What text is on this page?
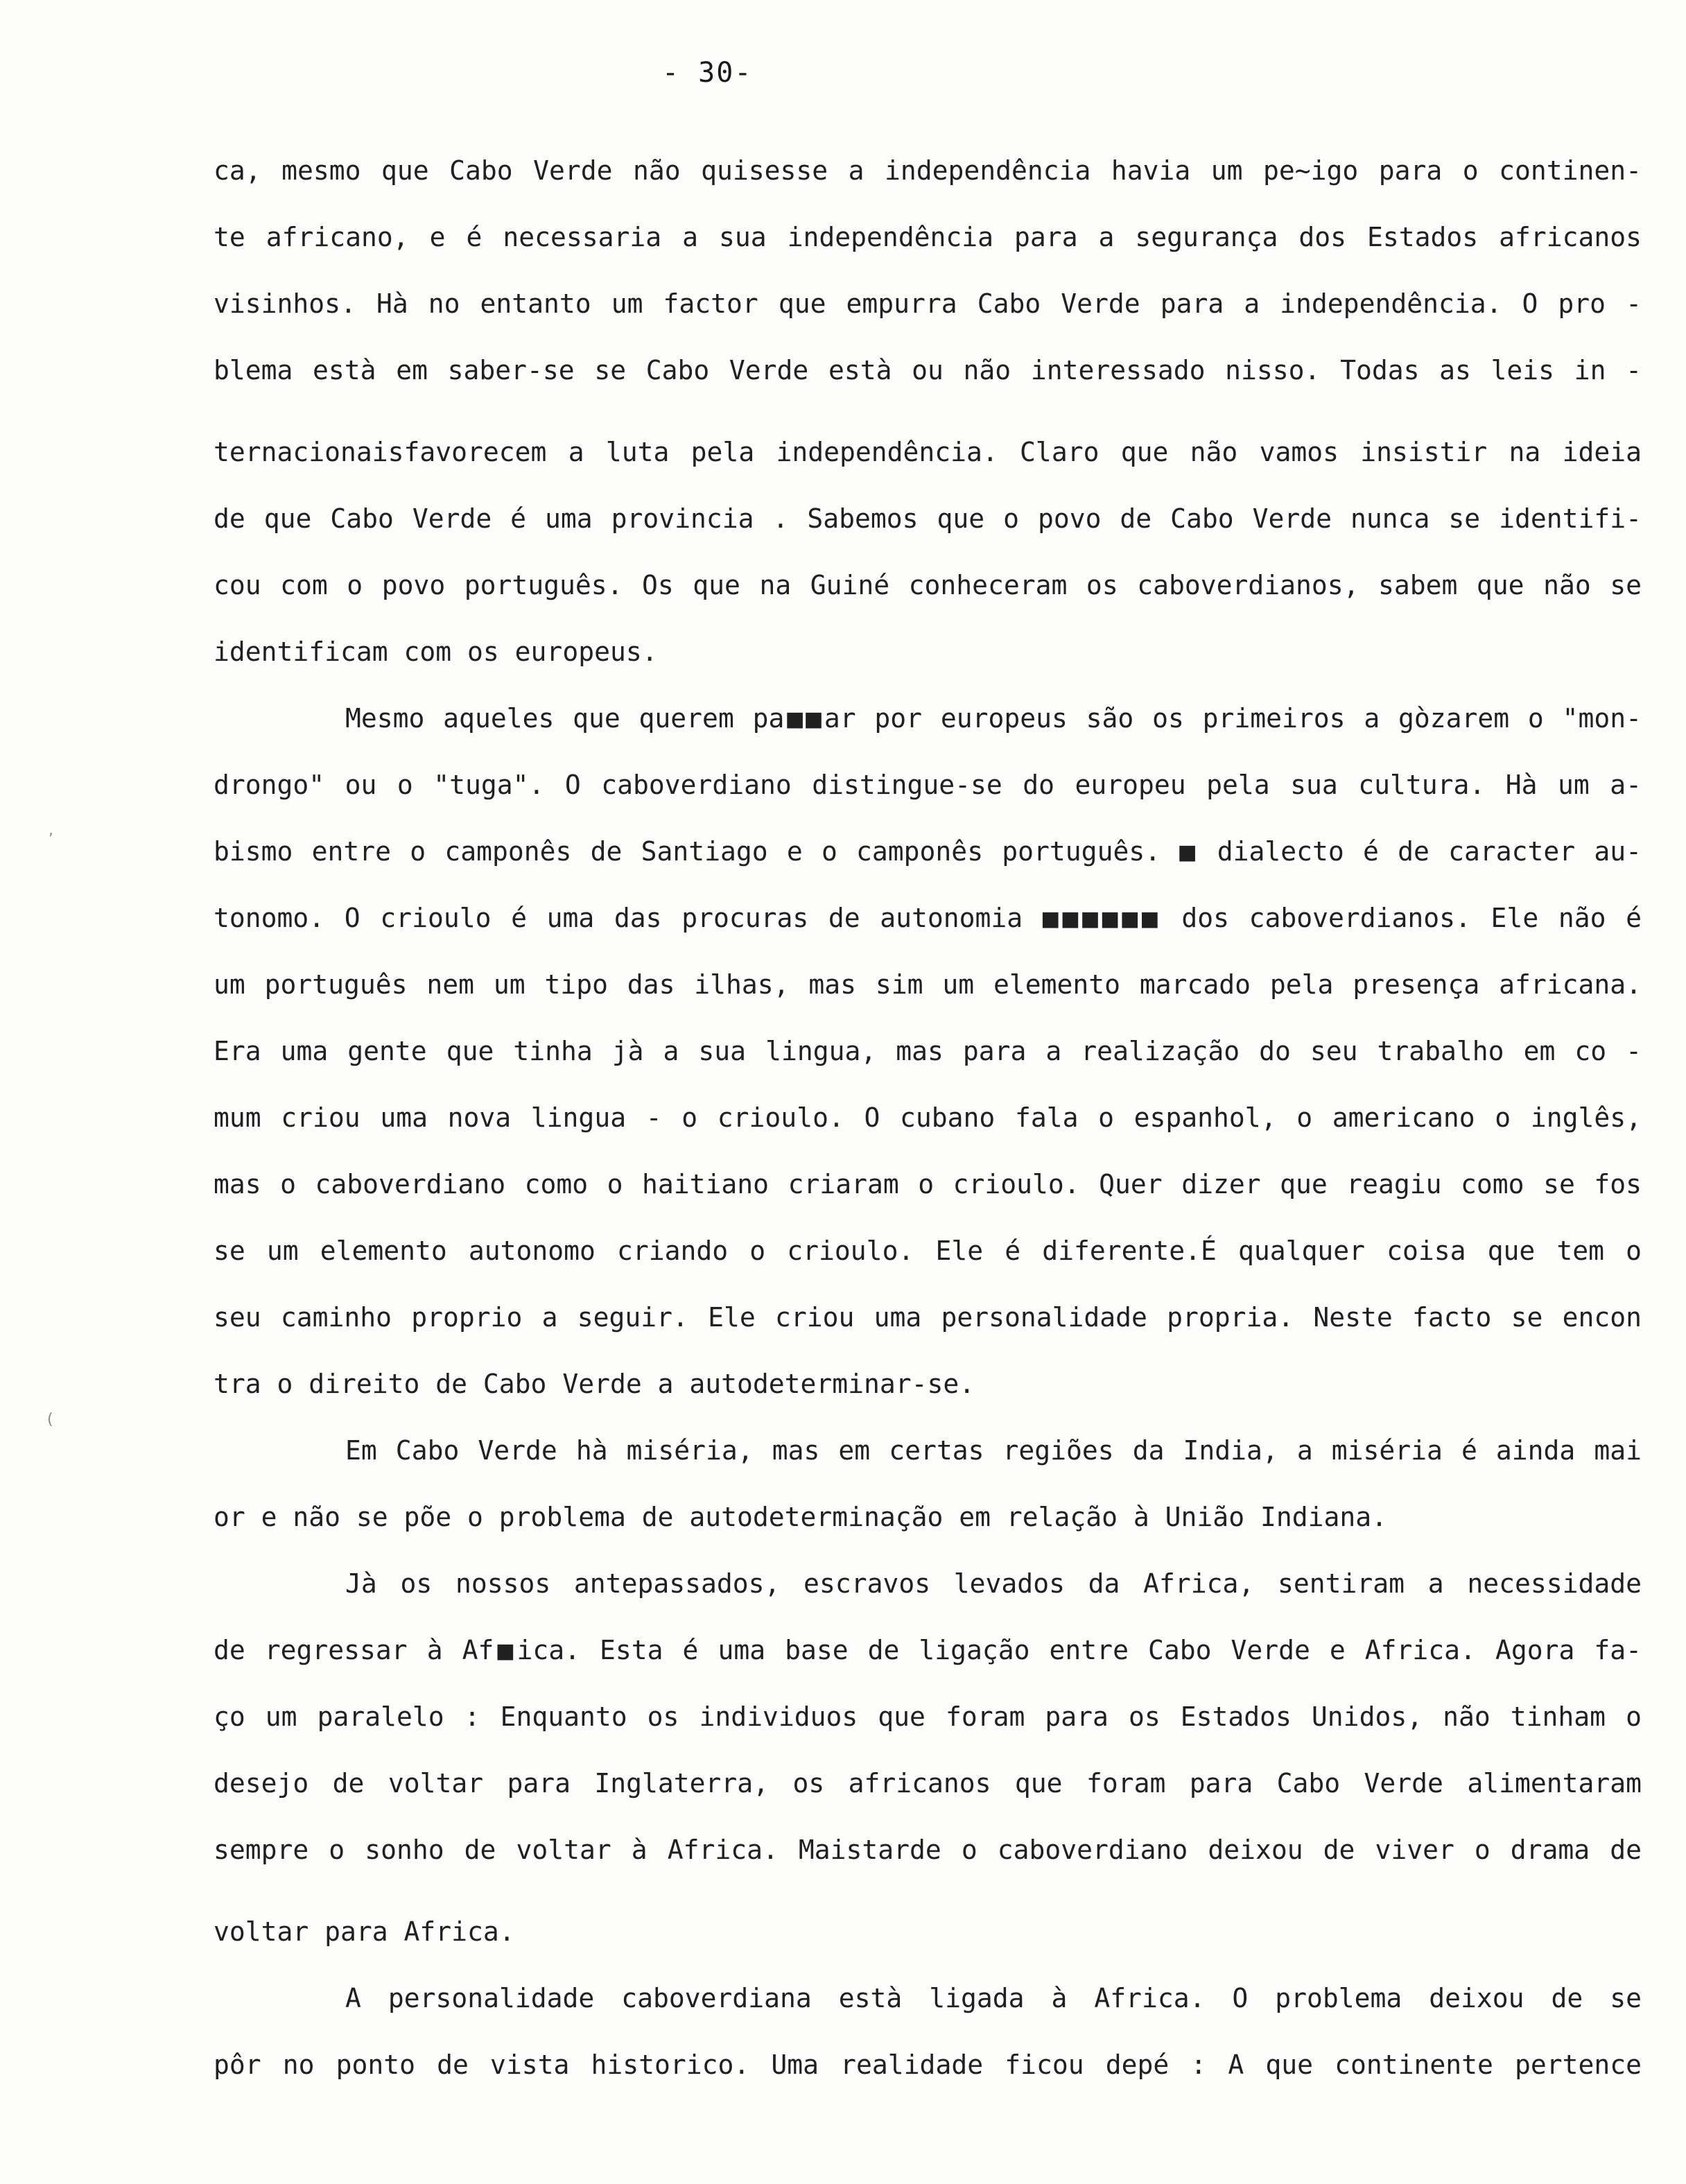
- 30-
ca, mesmo que Cabo Verde não quisesse a independência havia um pe~igo para o continen-
te africano, e é necessaria a sua independência para a segurança dos Estados africanos
visinhos. Hà no entanto um factor que empurra Cabo Verde para a independência. O pro -
blema està em saber-se se Cabo Verde està ou não interessado nisso. Todas as leis in -
ternacionaisfavorecem a luta pela independência. Claro que não vamos insistir na ideia
de que Cabo Verde é uma provincia . Sabemos que o povo de Cabo Verde nunca se identifi-
cou com o povo português. Os que na Guiné conheceram os caboverdianos, sabem que não se
identificam com os europeus.
Mesmo aqueles que querem pa■■ar por europeus são os primeiros a gòzarem o "mon-
drongo" ou o "tuga". O caboverdiano distingue-se do europeu pela sua cultura. Hà um a-
bismo entre o camponês de Santiago e o camponês português. ■ dialecto é de caracter au-
tonomo. O crioulo é uma das procuras de autonomia ■■■■■■ dos caboverdianos. Ele não é
um português nem um tipo das ilhas, mas sim um elemento marcado pela presença africana.
Era uma gente que tinha jà a sua lingua, mas para a realização do seu trabalho em co -
mum criou uma nova lingua - o crioulo. O cubano fala o espanhol, o americano o inglês,
mas o caboverdiano como o haitiano criaram o crioulo. Quer dizer que reagiu como se fos
se um elemento autonomo criando o crioulo. Ele é diferente.É qualquer coisa que tem o
seu caminho proprio a seguir. Ele criou uma personalidade propria. Neste facto se encon
tra o direito de Cabo Verde a autodeterminar-se.
Em Cabo Verde hà miséria, mas em certas regiões da India, a miséria é ainda mai
or e não se põe o problema de autodeterminação em relação à União Indiana.
Jà os nossos antepassados, escravos levados da Africa, sentiram a necessidade
de regressar à Af■ica. Esta é uma base de ligação entre Cabo Verde e Africa. Agora fa-
ço um paralelo : Enquanto os individuos que foram para os Estados Unidos, não tinham o
desejo de voltar para Inglaterra, os africanos que foram para Cabo Verde alimentaram
sempre o sonho de voltar à Africa. Maistarde o caboverdiano deixou de viver o drama de
voltar para Africa.
A personalidade caboverdiana està ligada à Africa. O problema deixou de se
pôr no ponto de vista historico. Uma realidade ficou depé : A que continente pertence
,
(
